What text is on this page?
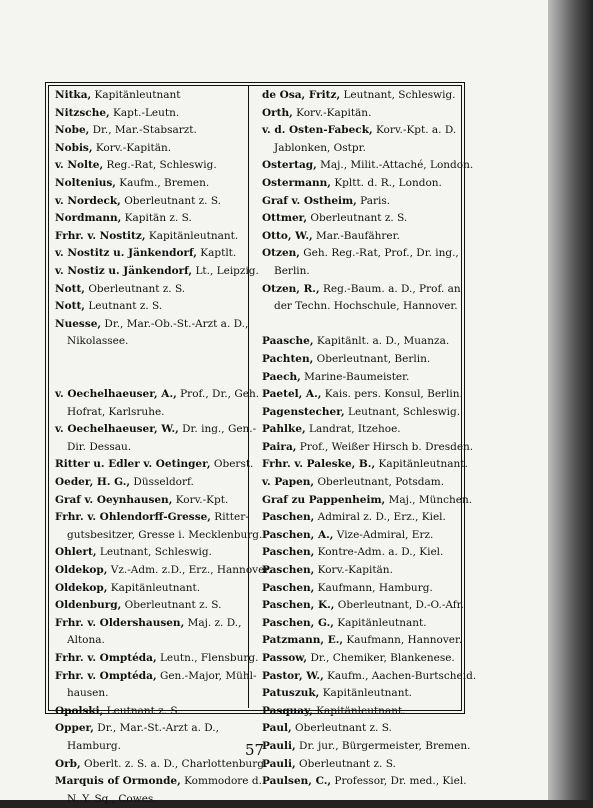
Nitka, Kapitänleutnant
Nitzsche, Kapt.-Leutn.
Nobe, Dr., Mar.-Stabsarzt.
Nobis, Korv.-Kapitän.
v. Nolte, Reg.-Rat, Schleswig.
Noltenius, Kaufm., Bremen.
v. Nordeck, Oberleutnant z. S.
Nordmann, Kapitän z. S.
Frhr. v. Nostitz, Kapitänleutnant.
v. Nostitz u. Jänkendorf, Kaptlt.
v. Nostiz u. Jänkendorf, Lt., Leipzig.
Nott, Oberleutnant z. S.
Nott, Leutnant z. S.
Nuesse, Dr., Mar.-Ob.-St.-Arzt a. D.,
Nikolassee.
v. Oechelhaeuser, A., Prof., Dr., Geh.
Hofrat, Karlsruhe.
v. Oechelhaeuser, W., Dr. ing., Gen.-
Dir. Dessau.
Ritter u. Edler v. Oetinger, Oberst.
Oeder, H. G., Düsseldorf.
Graf v. Oeynhausen, Korv.-Kpt.
Frhr. v. Ohlendorff-Gresse, Ritter-
gutsbesitzer, Gresse i. Mecklenburg.
Ohlert, Leutnant, Schleswig.
Oldekop, Vz.-Adm. z.D., Erz., Hannover.
Oldekop, Kapitänleutnant.
Oldenburg, Oberleutnant z. S.
Frhr. v. Oldershausen, Maj. z. D.,
Altona.
Frhr. v. Omptéda, Leutn., Flensburg.
Frhr. v. Omptéda, Gen.-Major, Mühl-
hausen.
Opolski, Leutnant z. S.
Opper, Dr., Mar.-St.-Arzt a. D.,
Hamburg.
Orb, Oberlt. z. S. a. D., Charlottenburg.
Marquis of Ormonde, Kommodore d.
N. Y. Sq., Cowes.
de Osa, Fritz, Leutnant, Schleswig.
Orth, Korv.-Kapitän.
v. d. Osten-Fabeck, Korv.-Kpt. a. D.
Jablonken, Ostpr.
Ostertag, Maj., Milit.-Attaché, London.
Ostermann, Kpltt. d. R., London.
Graf v. Ostheim, Paris.
Ottmer, Oberleutnant z. S.
Otto, W., Mar.-Baufährer.
Otzen, Geh. Reg.-Rat, Prof., Dr. ing.,
Berlin.
Otzen, R., Reg.-Baum. a. D., Prof. an
der Techn. Hochschule, Hannover.
Paasche, Kapitänlt. a. D., Muanza.
Pachten, Oberleutnant, Berlin.
Paech, Marine-Baumeister.
Paetel, A., Kais. pers. Konsul, Berlin.
Pagenstecher, Leutnant, Schleswig.
Pahlke, Landrat, Itzehoe.
Paira, Prof., Weißer Hirsch b. Dresden.
Frhr. v. Paleske, B., Kapitänleutnant.
v. Papen, Oberleutnant, Potsdam.
Graf zu Pappenheim, Maj., München.
Paschen, Admiral z. D., Erz., Kiel.
Paschen, A., Vize-Admiral, Erz.
Paschen, Kontre-Adm. a. D., Kiel.
Paschen, Korv.-Kapitän.
Paschen, Kaufmann, Hamburg.
Paschen, K., Oberleutnant, D.-O.-Afr.
Paschen, G., Kapitänleutnant.
Patzmann, E., Kaufmann, Hannover.
Passow, Dr., Chemiker, Blankenese.
Pastor, W., Kaufm., Aachen-Burtscheid.
Patuszuk, Kapitänleutnant.
Pasquay, Kapitänleutnant.
Paul, Oberleutnant z. S.
Pauli, Dr. jur., Bürgermeister, Bremen.
Pauli, Oberleutnant z. S.
Paulsen, C., Professor, Dr. med., Kiel.
57
